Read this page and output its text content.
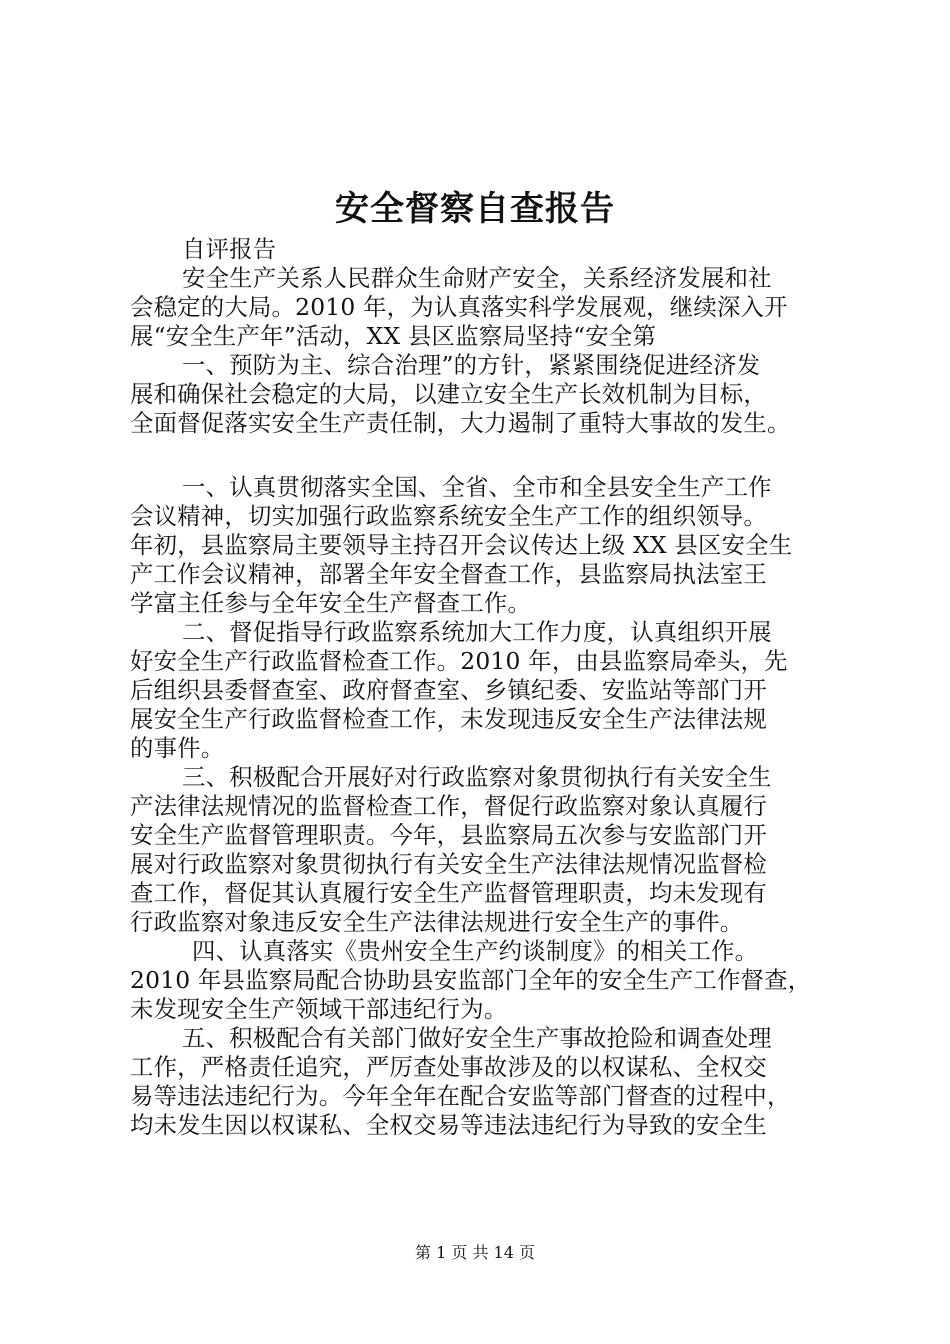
安全督察自查报告
自评报告
安全生产关系人民群众生命财产安全，关系经济发展和社
会稳定的大局。2010 年，为认真落实科学发展观，继续深入开
展“安全生产年”活动，XX 县区监察局坚持“安全第
一、预防为主、综合治理”的方针，紧紧围绕促进经济发
展和确保社会稳定的大局，以建立安全生产长效机制为目标，
全面督促落实安全生产责任制，大力遏制了重特大事故的发生。
一、认真贯彻落实全国、全省、全市和全县安全生产工作
会议精神，切实加强行政监察系统安全生产工作的组织领导。
年初，县监察局主要领导主持召开会议传达上级 XX 县区安全生
产工作会议精神，部署全年安全督查工作，县监察局执法室王
学富主任参与全年安全生产督查工作。
二、督促指导行政监察系统加大工作力度，认真组织开展
好安全生产行政监督检查工作。2010 年，由县监察局牵头，先
后组织县委督查室、政府督查室、乡镇纪委、安监站等部门开
展安全生产行政监督检查工作，未发现违反安全生产法律法规
的事件。
三、积极配合开展好对行政监察对象贯彻执行有关安全生
产法律法规情况的监督检查工作，督促行政监察对象认真履行
安全生产监督管理职责。今年，县监察局五次参与安监部门开
展对行政监察对象贯彻执行有关安全生产法律法规情况监督检
查工作，督促其认真履行安全生产监督管理职责，均未发现有
行政监察对象违反安全生产法律法规进行安全生产的事件。
四、认真落实《贵州安全生产约谈制度》的相关工作。
2010 年县监察局配合协助县安监部门全年的安全生产工作督查，
未发现安全生产领域干部违纪行为。
五、积极配合有关部门做好安全生产事故抢险和调查处理
工作，严格责任追究，严厉查处事故涉及的以权谋私、全权交
易等违法违纪行为。今年全年在配合安监等部门督查的过程中，
均未发生因以权谋私、全权交易等违法违纪行为导致的安全生
第 1 页 共 14 页
